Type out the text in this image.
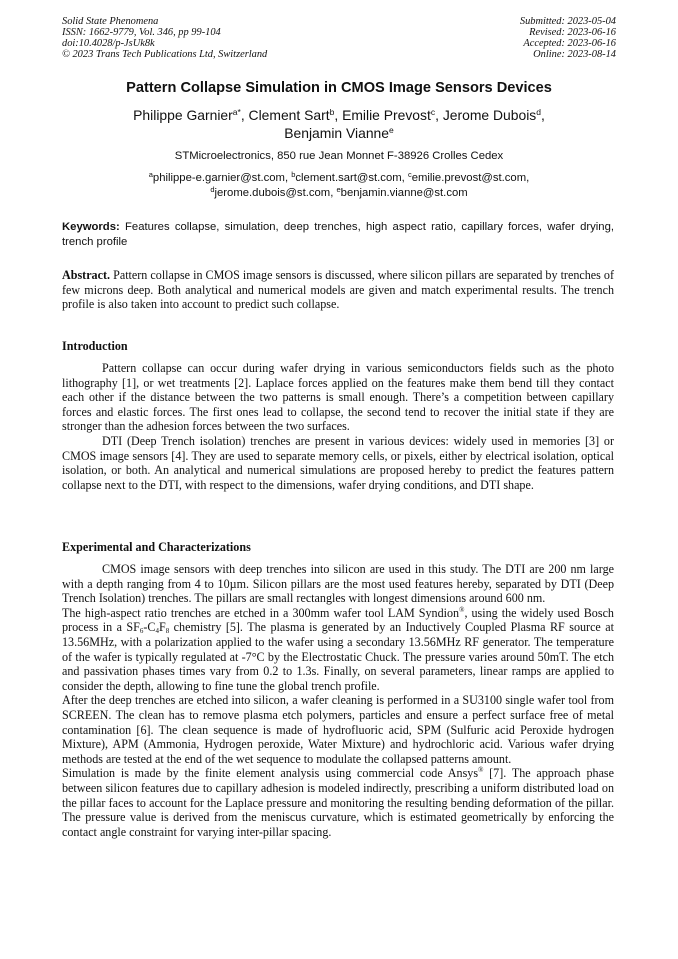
Solid State Phenomena
ISSN: 1662-9779, Vol. 346, pp 99-104
doi:10.4028/p-JsUk8k
© 2023 Trans Tech Publications Ltd, Switzerland
Submitted: 2023-05-04
Revised: 2023-06-16
Accepted: 2023-06-16
Online: 2023-08-14
Pattern Collapse Simulation in CMOS Image Sensors Devices
Philippe Garnier$^{a*}$, Clement Sart$^b$, Emilie Prevost$^c$, Jerome Dubois$^d$,
Benjamin Vianne$^e$
STMicroelectronics, 850 rue Jean Monnet F-38926 Crolles Cedex
$^a$philippe-e.garnier@st.com, $^b$clement.sart@st.com, $^c$emilie.prevost@st.com,
$^d$jerome.dubois@st.com, $^e$benjamin.vianne@st.com
Keywords: Features collapse, simulation, deep trenches, high aspect ratio, capillary forces, wafer drying, trench profile

Abstract. Pattern collapse in CMOS image sensors is discussed, where silicon pillars are separated by trenches of few microns deep. Both analytical and numerical models are given and match experimental results. The trench profile is also taken into account to predict such collapse.

Introduction

Pattern collapse can occur during wafer drying in various semiconductors fields such as the photo lithography [1], or wet treatments [2]. Laplace forces applied on the features make them bend till they contact each other if the distance between the two patterns is small enough. There’s a competition between capillary forces and elastic forces. The first ones lead to collapse, the second tend to recover the initial state if they are stronger than the adhesion forces between the two surfaces.

DTI (Deep Trench isolation) trenches are present in various devices: widely used in memories [3] or CMOS image sensors [4]. They are used to separate memory cells, or pixels, either by electrical isolation, optical isolation, or both. An analytical and numerical simulations are proposed hereby to predict the features pattern collapse next to the DTI, with respect to the dimensions, wafer drying conditions, and DTI shape.

Experimental and Characterizations

CMOS image sensors with deep trenches into silicon are used in this study. The DTI are 200 nm large with a depth ranging from 4 to 10µm. Silicon pillars are the most used features hereby, separated by DTI (Deep Trench Isolation) trenches. The pillars are small rectangles with longest dimensions around 600 nm.

The high-aspect ratio trenches are etched in a 300mm wafer tool LAM Syndion®, using the widely used Bosch process in a $SF_6-C_4F_8$ chemistry [5]. The plasma is generated by an Inductively Coupled Plasma RF source at 13.56MHz, with a polarization applied to the wafer using a secondary 13.56MHz RF generator. The temperature of the wafer is typically regulated at -7°C by the Electrostatic Chuck. The pressure varies around 50mT. The etch and passivation phases times vary from 0.2 to 1.3s. Finally, on several parameters, linear ramps are applied to consider the depth, allowing to fine tune the global trench profile.

After the deep trenches are etched into silicon, a wafer cleaning is performed in a SU3100 single wafer tool from SCREEN. The clean has to remove plasma etch polymers, particles and ensure a perfect surface free of metal contamination [6]. The clean sequence is made of hydrofluoric acid, SPM (Sulfuric acid Peroxide hydrogen Mixture), APM (Ammonia, Hydrogen peroxide, Water Mixture) and hydrochloric acid. Various wafer drying methods are tested at the end of the wet sequence to modulate the collapsed patterns amount.

Simulation is made by the finite element analysis using commercial code Ansys® [7]. The approach phase between silicon features due to capillary adhesion is modeled indirectly, prescribing a uniform distributed load on the pillar faces to account for the Laplace pressure and monitoring the resulting bending deformation of the pillar. The pressure value is derived from the meniscus curvature, which is estimated geometrically by enforcing the contact angle constraint for varying inter-pillar spacing.
